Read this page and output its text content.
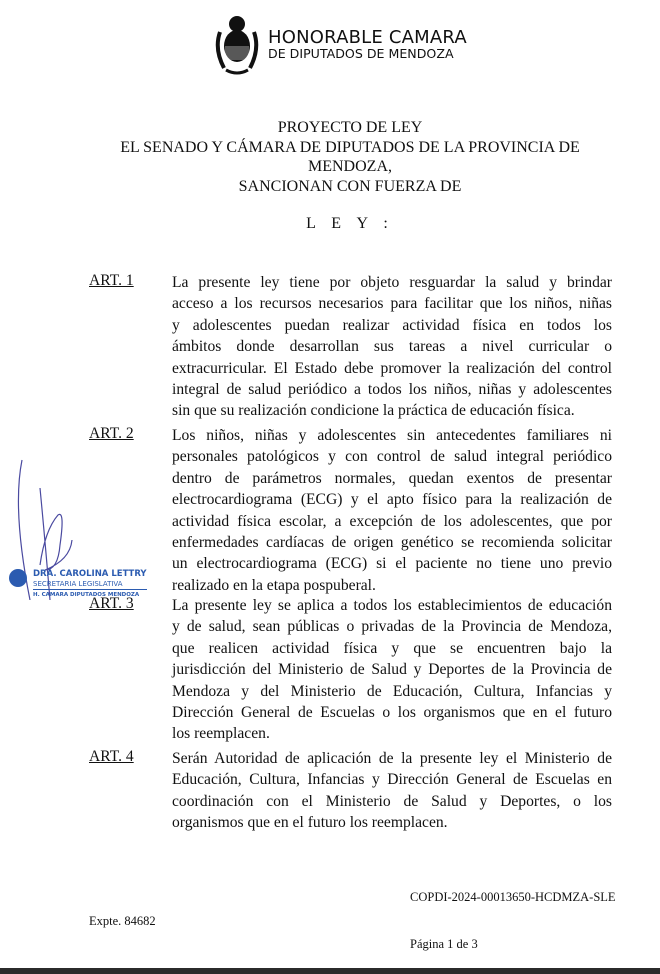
HONORABLE CAMARA
DE DIPUTADOS DE MENDOZA
PROYECTO DE LEY
EL SENADO Y CÁMARA DE DIPUTADOS DE LA PROVINCIA DE
MENDOZA,
SANCIONAN CON FUERZA DE
L E Y :
ART. 1 La presente ley tiene por objeto resguardar la salud y brindar
acceso a los recursos necesarios para facilitar que los niños, niñas
y adolescentes puedan realizar actividad física en todos los
ámbitos donde desarrollan sus tareas a nivel curricular o
extracurricular. El Estado debe promover la realización del control
integral de salud periódico a todos los niños, niñas y adolescentes
sin que su realización condicione la práctica de educación física.
ART. 2 Los niños, niñas y adolescentes sin antecedentes familiares ni
personales patológicos y con control de salud integral periódico
dentro de parámetros normales, quedan exentos de presentar
electrocardiograma (ECG) y el apto físico para la realización de
actividad física escolar, a excepción de los adolescentes, que por
enfermedades cardíacas de origen genético se recomienda solicitar
un electrocardiograma (ECG) si el paciente no tiene uno previo
realizado en la etapa pospuberal.
ART. 3 La presente ley se aplica a todos los establecimientos de educación
y de salud, sean públicas o privadas de la Provincia de Mendoza,
que realicen actividad física y que se encuentren bajo la
jurisdicción del Ministerio de Salud y Deportes de la Provincia de
Mendoza y del Ministerio de Educación, Cultura, Infancias y
Dirección General de Escuelas o los organismos que en el futuro
los reemplacen.
ART. 4 Serán Autoridad de aplicación de la presente ley el Ministerio de
Educación, Cultura, Infancias y Dirección General de Escuelas en
coordinación con el Ministerio de Salud y Deportes, o los
organismos que en el futuro los reemplacen.
DRA. CAROLINA LETTRY
SECRETARIA LEGISLATIVA
H. CAMARA DIPUTADOS MENDOZA
COPDI-2024-00013650-HCDMZA-SLE
Expte. 84682
Página 1 de 3
